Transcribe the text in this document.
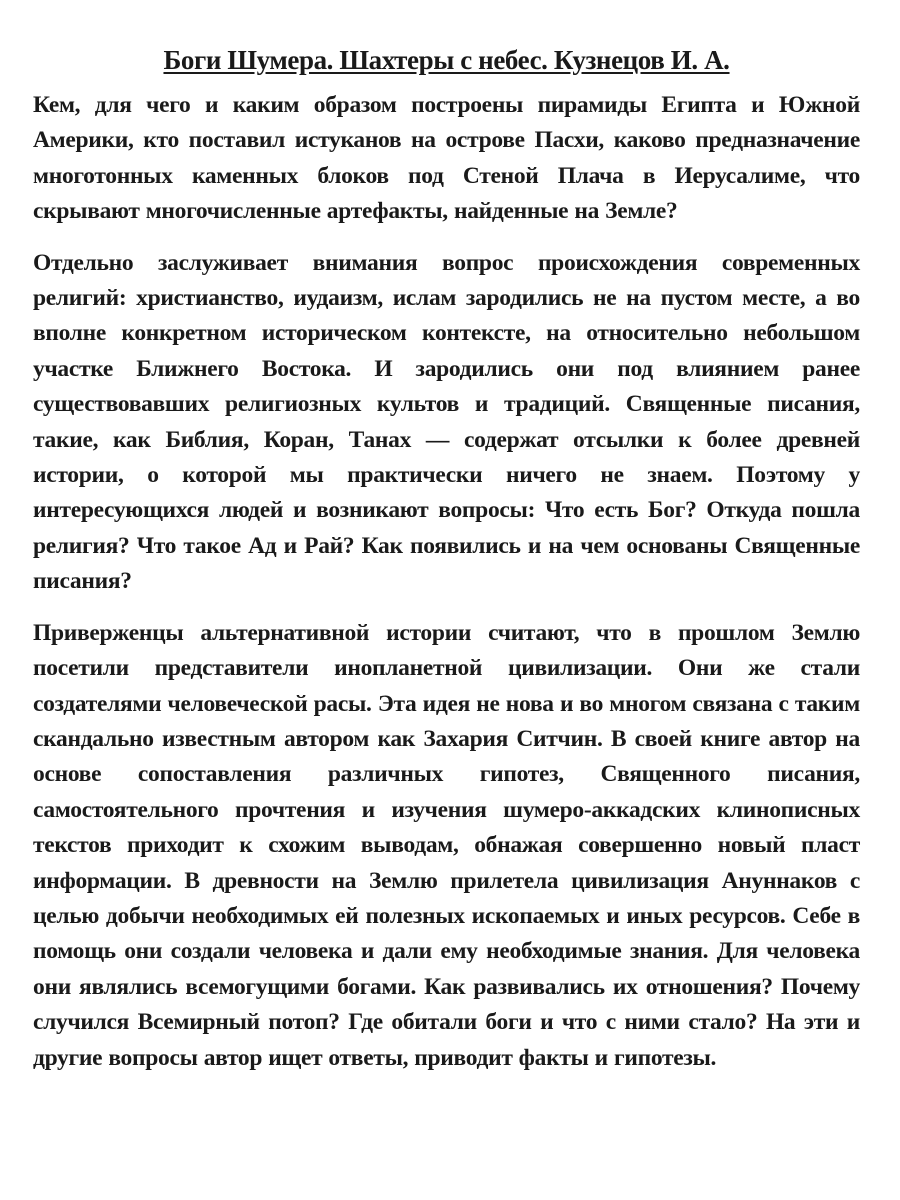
Боги Шумера. Шахтеры с небес. Кузнецов И. А.

Кем, для чего и каким образом построены пирамиды Египта и Южной Америки, кто поставил истуканов на острове Пасхи, каково предназначение многотонных каменных блоков под Стеной Плача в Иерусалиме, что скрывают многочисленные артефакты, найденные на Земле?

Отдельно заслуживает внимания вопрос происхождения современных религий: христианство, иудаизм, ислам зародились не на пустом месте, а во вполне конкретном историческом контексте, на относительно небольшом участке Ближнего Востока. И зародились они под влиянием ранее существовавших религиозных культов и традиций. Священные писания, такие, как Библия, Коран, Танах — содержат отсылки к более древней истории, о которой мы практически ничего не знаем. Поэтому у интересующихся людей и возникают вопросы: Что есть Бог? Откуда пошла религия? Что такое Ад и Рай? Как появились и на чем основаны Священные писания?

Приверженцы альтернативной истории считают, что в прошлом Землю посетили представители инопланетной цивилизации. Они же стали создателями человеческой расы. Эта идея не нова и во многом связана с таким скандально известным автором как Захария Ситчин. В своей книге автор на основе сопоставления различных гипотез, Священного писания, самостоятельного прочтения и изучения шумеро-аккадских клинописных текстов приходит к схожим выводам, обнажая совершенно новый пласт информации. В древности на Землю прилетела цивилизация Ануннаков с целью добычи необходимых ей полезных ископаемых и иных ресурсов. Себе в помощь они создали человека и дали ему необходимые знания. Для человека они являлись всемогущими богами. Как развивались их отношения? Почему случился Всемирный потоп? Где обитали боги и что с ними стало? На эти и другие вопросы автор ищет ответы, приводит факты и гипотезы.
